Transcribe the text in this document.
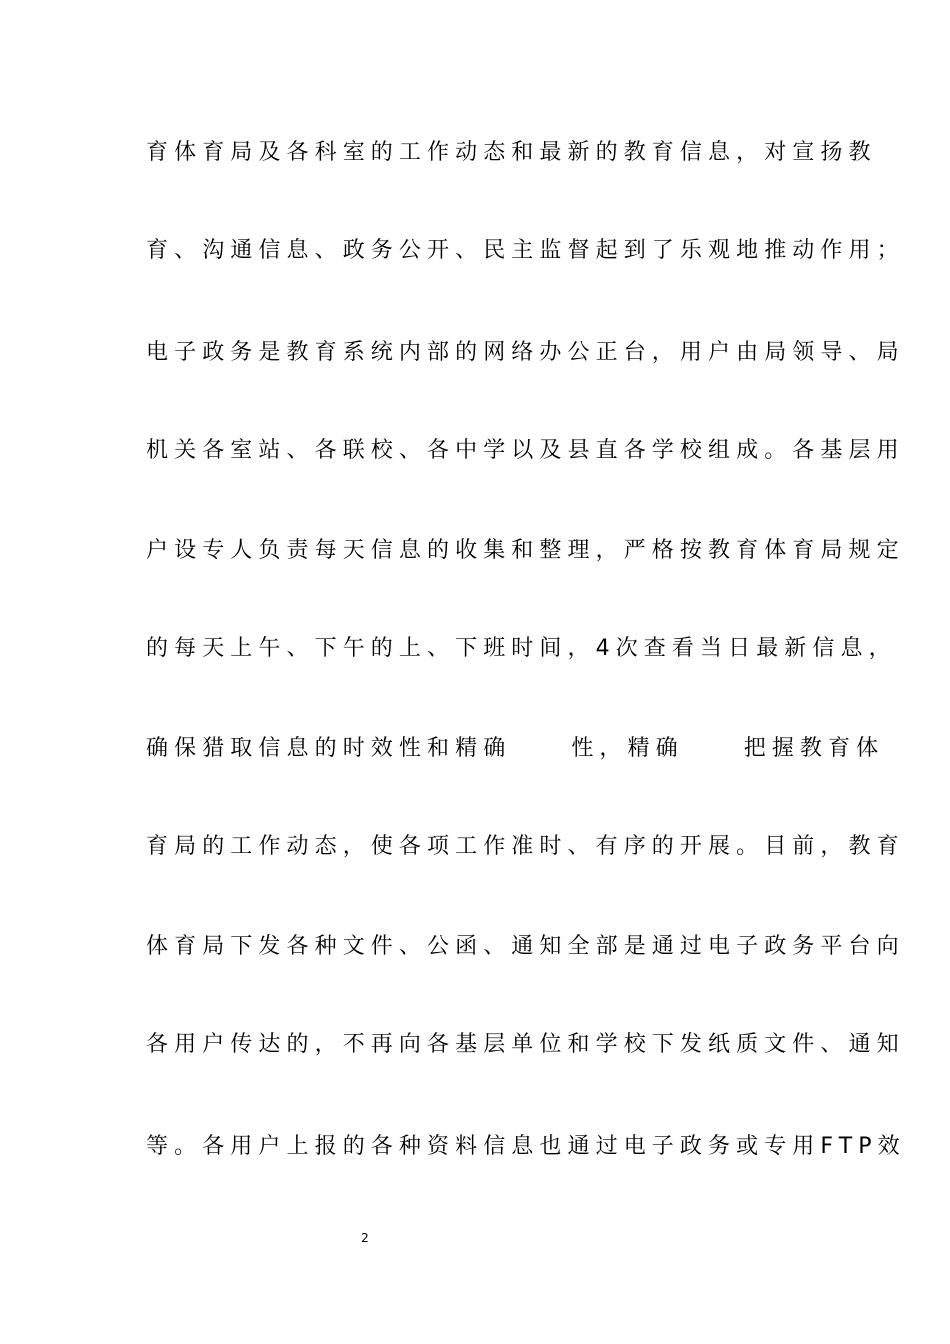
育体育局及各科室的工作动态和最新的教育信息，对宣扬教
育、沟通信息、政务公开、民主监督起到了乐观地推动作用；
电子政务是教育系统内部的网络办公正台，用户由局领导、局
机关各室站、各联校、各中学以及县直各学校组成。各基层用
户设专人负责每天信息的收集和整理，严格按教育体育局规定
的每天上午、下午的上、下班时间，4次查看当日最新信息，
确保猎取信息的时效性和精确	性，精确	把握教育体
育局的工作动态，使各项工作准时、有序的开展。目前，教育
体育局下发各种文件、公函、通知全部是通过电子政务平台向
各用户传达的，不再向各基层单位和学校下发纸质文件、通知
等。各用户上报的各种资料信息也通过电子政务或专用FTP效
2
